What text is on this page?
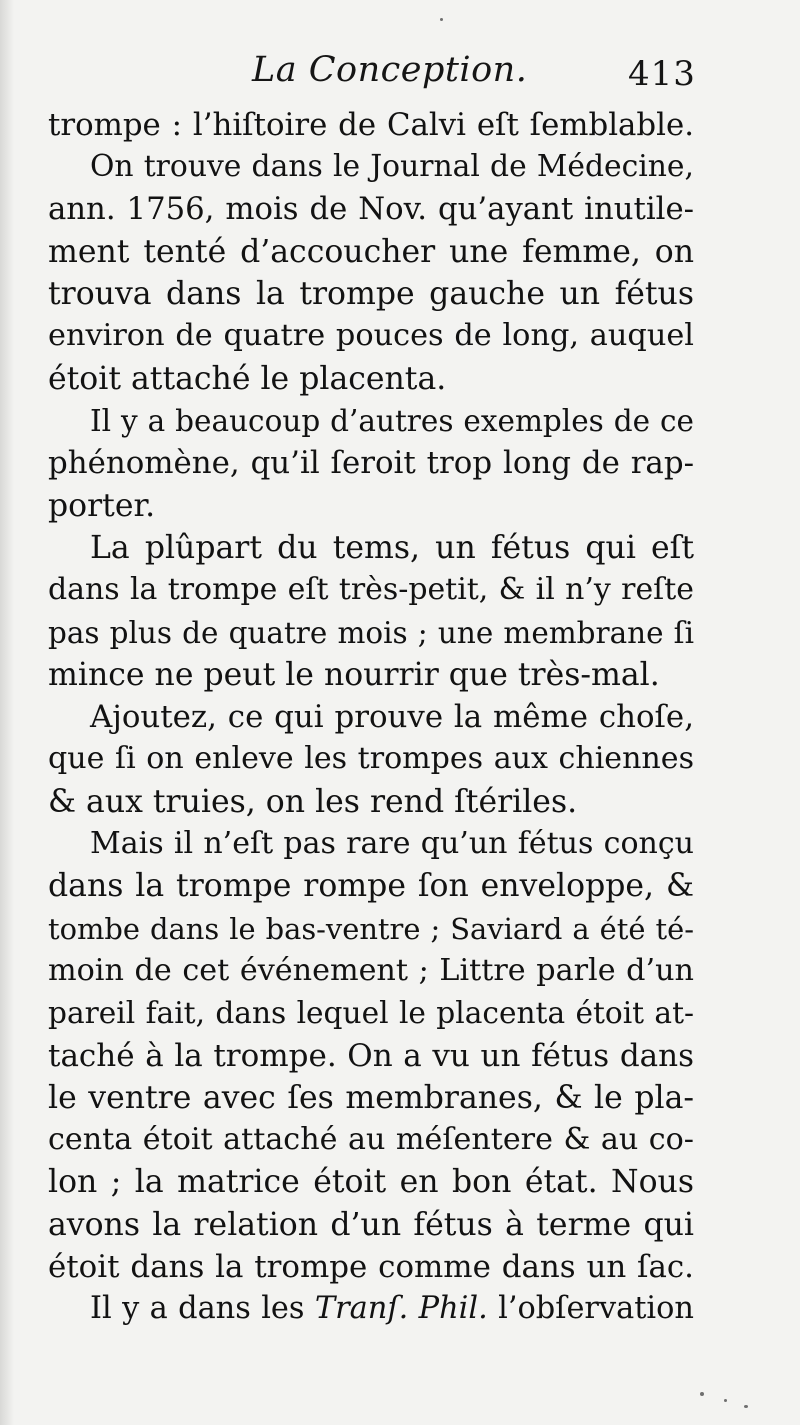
La Conception.	413
trompe : l’hiſtoire de Calvi eſt ſemblable.
On trouve dans le Journal de Médecine,
ann. 1756, mois de Nov. qu’ayant inutile-
ment tenté d’accoucher une femme, on
trouva dans la trompe gauche un fétus
environ de quatre pouces de long, auquel
étoit attaché le placenta.
Il y a beaucoup d’autres exemples de ce
phénomène, qu’il ſeroit trop long de rap-
porter.
La plûpart du tems, un fétus qui eſt
dans la trompe eſt très-petit, & il n’y reſte
pas plus de quatre mois ; une membrane ſi
mince ne peut le nourrir que très-mal.
Ajoutez, ce qui prouve la même choſe,
que ſi on enleve les trompes aux chiennes
& aux truies, on les rend ſtériles.
Mais il n’eſt pas rare qu’un fétus conçu
dans la trompe rompe ſon enveloppe, &
tombe dans le bas-ventre ; Saviard a été té-
moin de cet événement ; Littre parle d’un
pareil fait, dans lequel le placenta étoit at-
taché à la trompe. On a vu un fétus dans
le ventre avec ſes membranes, & le pla-
centa étoit attaché au méſentere & au co-
lon ; la matrice étoit en bon état. Nous
avons la relation d’un fétus à terme qui
étoit dans la trompe comme dans un ſac.
Il y a dans les Tranſ. Phil. l’obſervation
